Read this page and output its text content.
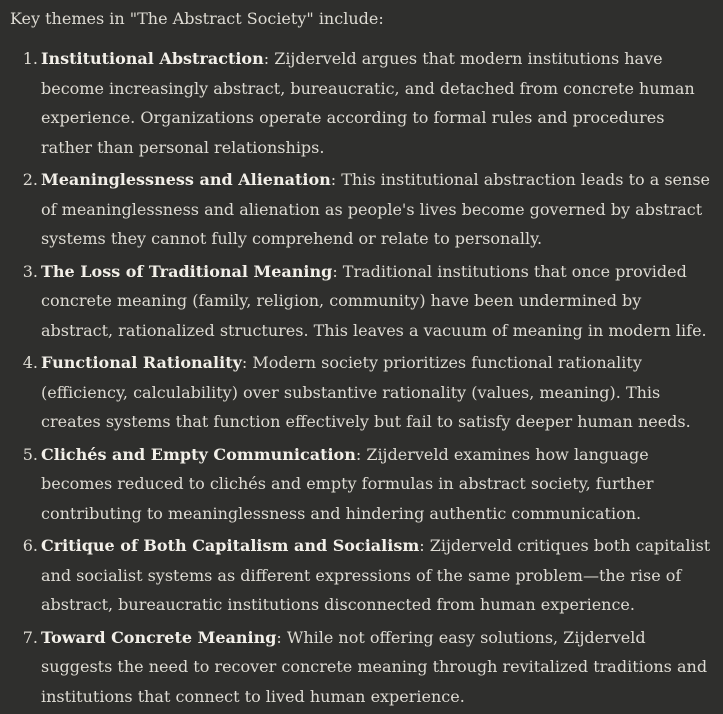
Key themes in "The Abstract Society" include:

1. Institutional Abstraction: Zijderveld argues that modern institutions have become increasingly abstract, bureaucratic, and detached from concrete human experience. Organizations operate according to formal rules and procedures rather than personal relationships.
2. Meaninglessness and Alienation: This institutional abstraction leads to a sense of meaninglessness and alienation as people's lives become governed by abstract systems they cannot fully comprehend or relate to personally.
3. The Loss of Traditional Meaning: Traditional institutions that once provided concrete meaning (family, religion, community) have been undermined by abstract, rationalized structures. This leaves a vacuum of meaning in modern life.
4. Functional Rationality: Modern society prioritizes functional rationality (efficiency, calculability) over substantive rationality (values, meaning). This creates systems that function effectively but fail to satisfy deeper human needs.
5. Clichés and Empty Communication: Zijderveld examines how language becomes reduced to clichés and empty formulas in abstract society, further contributing to meaninglessness and hindering authentic communication.
6. Critique of Both Capitalism and Socialism: Zijderveld critiques both capitalist and socialist systems as different expressions of the same problem—the rise of abstract, bureaucratic institutions disconnected from human experience.
7. Toward Concrete Meaning: While not offering easy solutions, Zijderveld suggests the need to recover concrete meaning through revitalized traditions and institutions that connect to lived human experience.
